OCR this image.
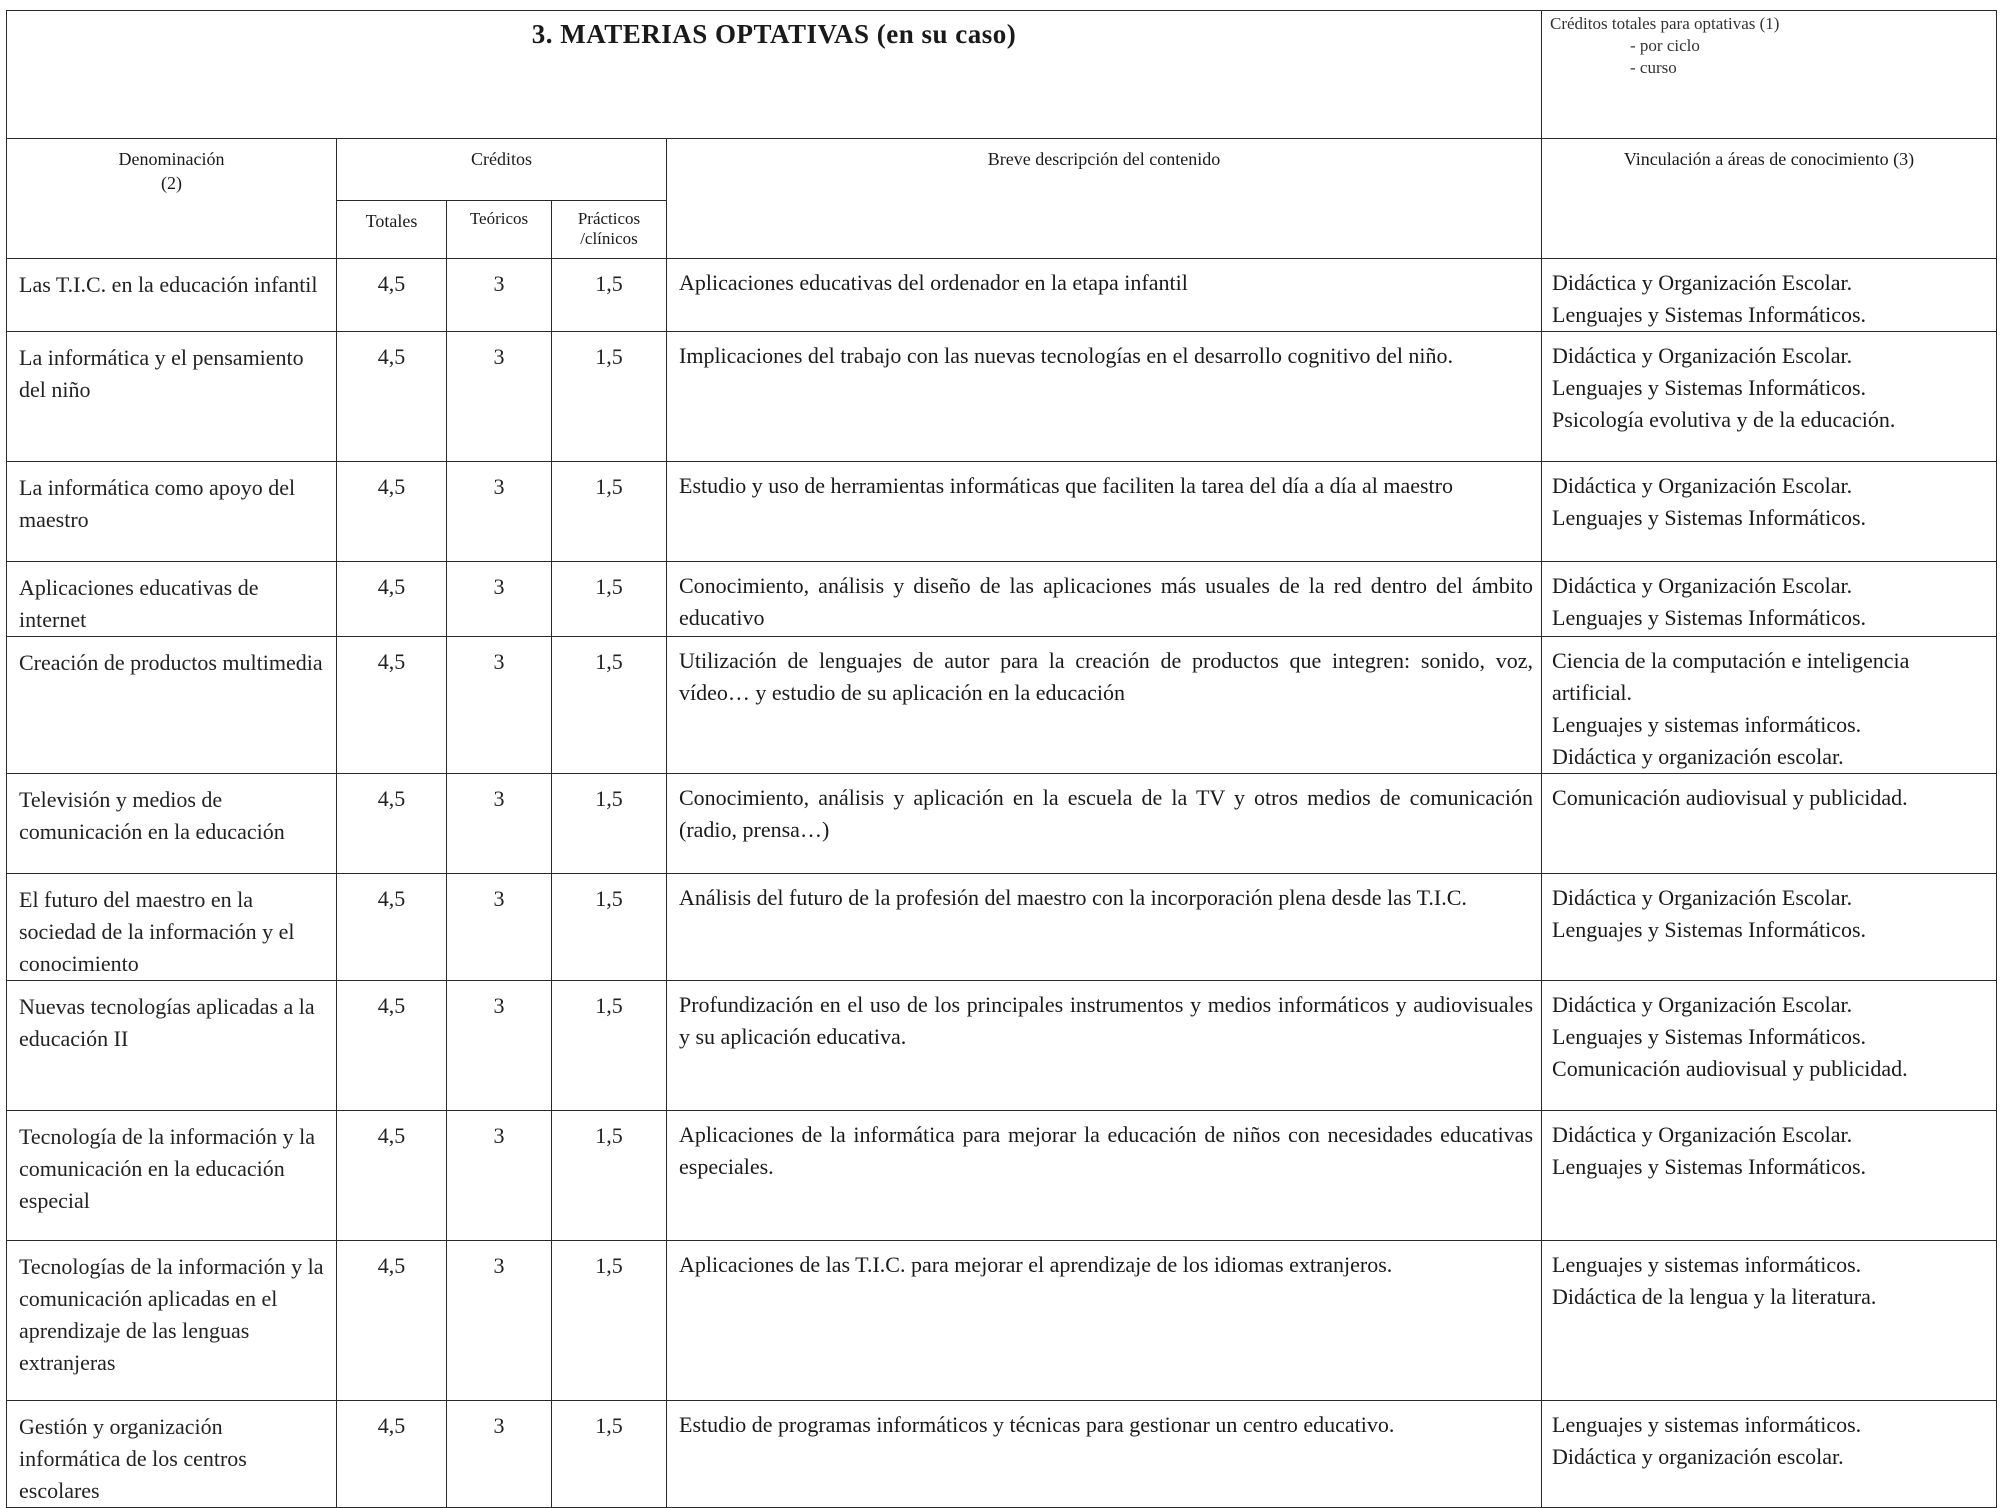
3. MATERIAS OPTATIVAS (en su caso)					Créditos totales para optativas (1)
- por ciclo
- curso

Denominación
(2)	Créditos			Breve descripción del contenido	Vinculación a áreas de conocimiento (3)
	Totales	Teóricos	Prácticos /clínicos		
Las T.I.C. en la educación infantil	4,5	3	1,5	Aplicaciones educativas del ordenador en la etapa infantil	Didáctica y Organización Escolar.
Lenguajes y Sistemas Informáticos.

La informática y el pensamiento del niño	4,5	3	1,5	Implicaciones del trabajo con las nuevas tecnologías en el desarrollo cognitivo del niño.	Didáctica y Organización Escolar.
Lenguajes y Sistemas Informáticos.
Psicología evolutiva y de la educación.

La informática como apoyo del maestro	4,5	3	1,5	Estudio y uso de herramientas informáticas que faciliten la tarea del día a día al maestro	Didáctica y Organización Escolar.
Lenguajes y Sistemas Informáticos.

Aplicaciones educativas de internet	4,5	3	1,5	Conocimiento, análisis y diseño de las aplicaciones más usuales de la red dentro del ámbito educativo	Didáctica y Organización Escolar.
Lenguajes y Sistemas Informáticos.

Creación de productos multimedia	4,5	3	1,5	Utilización de lenguajes de autor para la creación de productos que integren: sonido, voz, vídeo… y estudio de su aplicación en la educación	Ciencia de la computación e inteligencia artificial.
Lenguajes y sistemas informáticos.
Didáctica y organización escolar.

Televisión y medios de comunicación en la educación	4,5	3	1,5	Conocimiento, análisis y aplicación en la escuela de la TV y otros medios de comunicación (radio, prensa…)	Comunicación audiovisual y publicidad.

El futuro del maestro en la sociedad de la información y el conocimiento	4,5	3	1,5	Análisis del futuro de la profesión del maestro con la incorporación plena desde las T.I.C.	Didáctica y Organización Escolar.
Lenguajes y Sistemas Informáticos.

Nuevas tecnologías aplicadas a la educación II	4,5	3	1,5	Profundización en el uso de los principales instrumentos y medios informáticos y audiovisuales y su aplicación educativa.	Didáctica y Organización Escolar.
Lenguajes y Sistemas Informáticos.
Comunicación audiovisual y publicidad.

Tecnología de la información y la comunicación en la educación especial	4,5	3	1,5	Aplicaciones de la informática para mejorar la educación de niños con necesidades educativas especiales.	Didáctica y Organización Escolar.
Lenguajes y Sistemas Informáticos.

Tecnologías de la información y la comunicación aplicadas en el aprendizaje de las lenguas extranjeras	4,5	3	1,5	Aplicaciones de las T.I.C. para mejorar el aprendizaje de los idiomas extranjeros.	Lenguajes y sistemas informáticos.
Didáctica de la lengua y la literatura.

Gestión y organización informática de los centros escolares	4,5	3	1,5	Estudio de programas informáticos y técnicas para gestionar un centro educativo.	Lenguajes y sistemas informáticos.
Didáctica y organización escolar.
